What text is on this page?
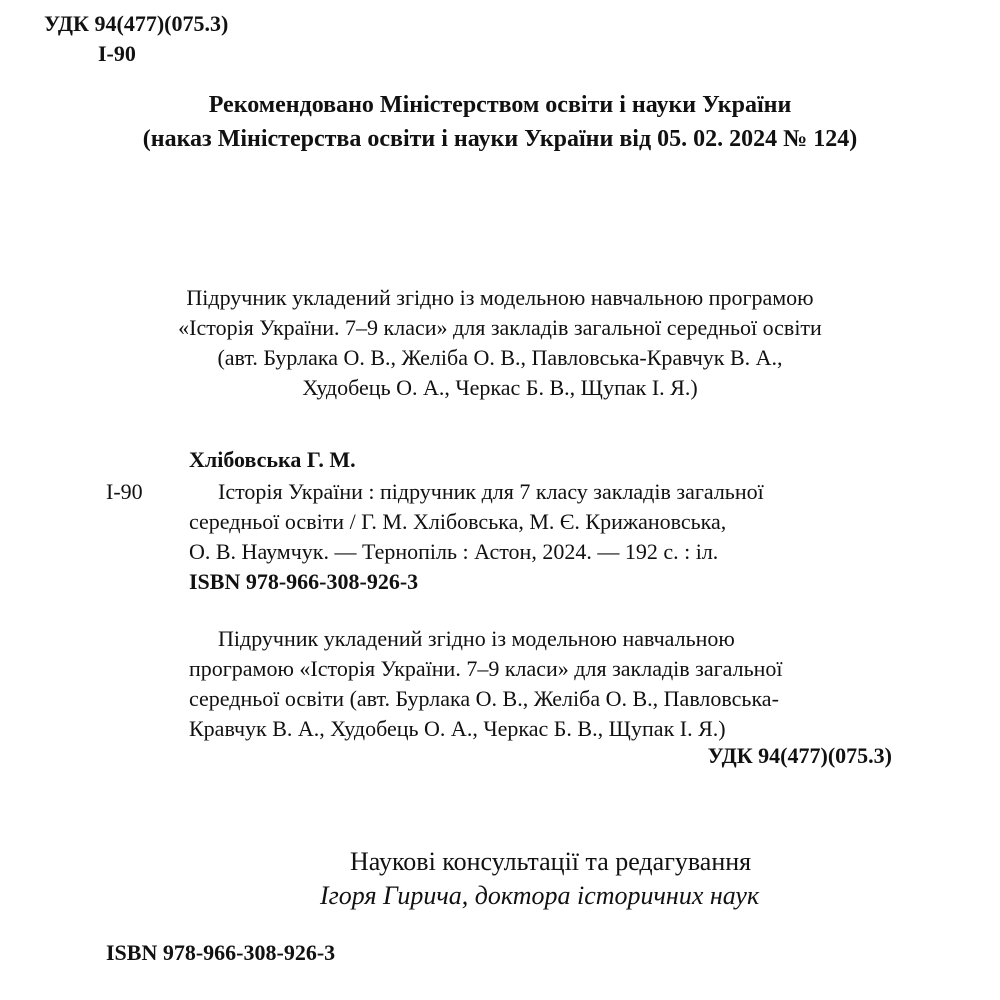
УДК 94(477)(075.3)
І-90
Рекомендовано Міністерством освіти і науки України
(наказ Міністерства освіти і науки України від 05. 02. 2024 № 124)
Підручник укладений згідно із модельною навчальною програмою
«Історія України. 7–9 класи» для закладів загальної середньої освіти
(авт. Бурлака О. В., Желіба О. В., Павловська-Кравчук В. А.,
Худобець О. А., Черкас Б. В., Щупак І. Я.)
Хлібовська Г. М.
І-90	Історія України : підручник для 7 класу закладів загальної
середньої освіти / Г. М. Хлібовська, М. Є. Крижановська,
О. В. Наумчук. — Тернопіль : Астон, 2024. — 192 с. : іл.
ISBN 978-966-308-926-3
Підручник укладений згідно із модельною навчальною
програмою «Історія України. 7–9 класи» для закладів загальної
середньої освіти (авт. Бурлака О. В., Желіба О. В., Павловська-
Кравчук В. А., Худобець О. А., Черкас Б. В., Щупак І. Я.)
УДК 94(477)(075.3)
Наукові консультації та редагування
Ігоря Гирича, доктора історичних наук
ISBN 978-966-308-926-3
